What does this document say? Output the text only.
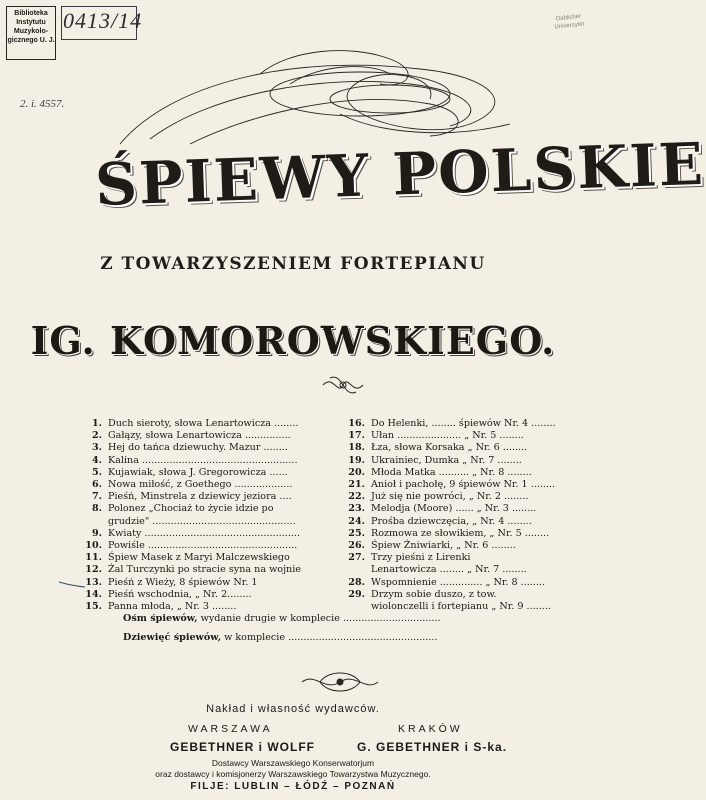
Biblioteka
Instytutu
Muzykolo-
gicznego U. J.
0413/14	Dablicher
Universytet
2. i. 4557.
ŚPIEWY POLSKIE
Z TOWARZYSZENIEM FORTEPIANU
IG. KOMOROWSKIEGO.
1. Duch sieroty, słowa Lenartowicza ........
2. Gałązy, słowa Lenartowicza ...............
3. Hej do tańca dziewuchy. Mazur ........
4. Kalina ...................................................
5. Kujawiak, słowa J. Gregorowicza ......
6. Nowa miłość, z Goethego ...................
7. Pieśń, Minstrela z dziewicy jeziora ....
8. Polonez „Chociaż to życie idzie po
grudzie" ...............................................
9. Kwiaty ...................................................
10. Powiśle .................................................
11. Śpiew Masek z Maryi Malczewskiego
12. Żal Turczynki po stracie syna na wojnie
13. Pieśń z Wieży, 8 śpiewów Nr. 1
14. Pieśń wschodnia, „ Nr. 2........
15. Panna młoda, „ Nr. 3 ........
16. Do Helenki, ........ śpiewów Nr. 4 ........
17. Ułan ..................... „ Nr. 5 ........
18. Łza, słowa Korsaka „ Nr. 6 ........
19. Ukrainiec, Dumka „ Nr. 7 ........
20. Młoda Matka .......... „ Nr. 8 ........
21. Anioł i pachołę, 9 śpiewów Nr. 1 ........
22. Już się nie powróci, „ Nr. 2 ........
23. Melodja (Moore) ...... „ Nr. 3 ........
24. Prośba dziewczęcia, „ Nr. 4 ........
25. Rozmowa ze słowikiem, „ Nr. 5 ........
26. Śpiew Żniwiarki, „ Nr. 6 ........
27. Trzy pieśni z Lirenki
Lenartowicza ........ „ Nr. 7 ........
28. Wspomnienie .............. „ Nr. 8 ........
29. Drzym sobie duszo, z tow.
wiolonczelli i fortepianu „ Nr. 9 ........
Ośm śpiewów, wydanie drugie w komplecie ................................
Dziewięć śpiewów, w komplecie .................................................
Nakład i własność wydawców.
WARSZAWA	KRAKÓW
GEBETHNER i WOLFF	G. GEBETHNER i S-ka.
Dostawcy Warszawskiego Konserwatorjum
oraz dostawcy i komisjonerzy Warszawskiego Towarzystwa Muzycznego.
FILJE: LUBLIN – ŁÓDŹ – POZNAŃ
